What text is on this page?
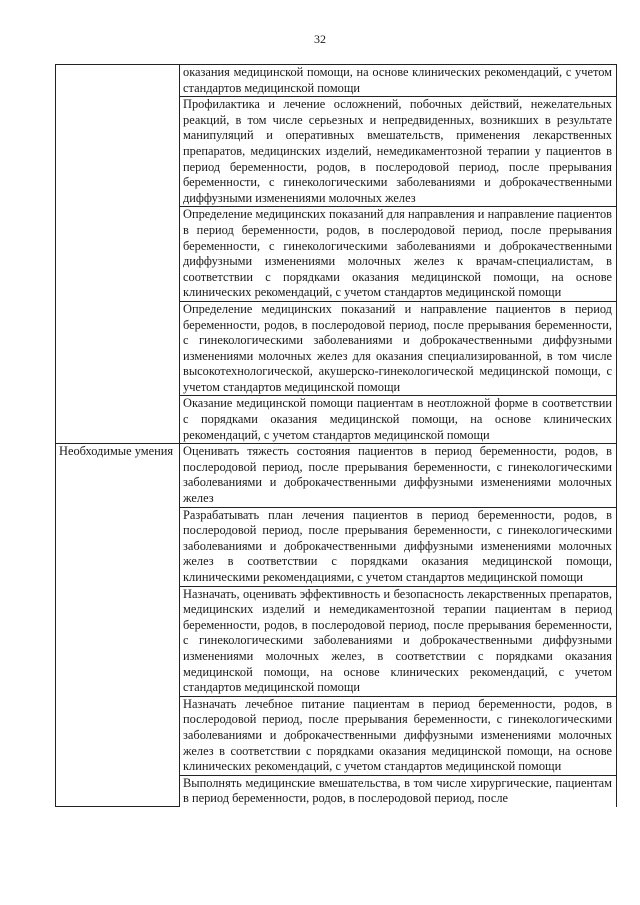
32

	оказания медицинской помощи, на основе клинических рекомендаций, с учетом стандартов медицинской помощи

	Профилактика и лечение осложнений, побочных действий, нежелательных реакций, в том числе серьезных и непредвиденных, возникших в результате манипуляций и оперативных вмешательств, применения лекарственных препаратов, медицинских изделий, немедикаментозной терапии у пациентов в период беременности, родов, в послеродовой период, после прерывания беременности, с гинекологическими заболеваниями и доброкачественными диффузными изменениями молочных желез

	Определение медицинских показаний для направления и направление пациентов в период беременности, родов, в послеродовой период, после прерывания беременности, с гинекологическими заболеваниями и доброкачественными диффузными изменениями молочных желез к врачам-специалистам, в соответствии с порядками оказания медицинской помощи, на основе клинических рекомендаций, с учетом стандартов медицинской помощи

	Определение медицинских показаний и направление пациентов в период беременности, родов, в послеродовой период, после прерывания беременности, с гинекологическими заболеваниями и доброкачественными диффузными изменениями молочных желез для оказания специализированной, в том числе высокотехнологической, акушерско-гинекологической медицинской помощи, с учетом стандартов медицинской помощи

	Оказание медицинской помощи пациентам в неотложной форме в соответствии с порядками оказания медицинской помощи, на основе клинических рекомендаций, с учетом стандартов медицинской помощи

Необходимые умения	Оценивать тяжесть состояния пациентов в период беременности, родов, в послеродовой период, после прерывания беременности, с гинекологическими заболеваниями и доброкачественными диффузными изменениями молочных желез

	Разрабатывать план лечения пациентов в период беременности, родов, в послеродовой период, после прерывания беременности, с гинекологическими заболеваниями и доброкачественными диффузными изменениями молочных желез в соответствии с порядками оказания медицинской помощи, клиническими рекомендациями, с учетом стандартов медицинской помощи

	Назначать, оценивать эффективность и безопасность лекарственных препаратов, медицинских изделий и немедикаментозной терапии пациентам в период беременности, родов, в послеродовой период, после прерывания беременности, с гинекологическими заболеваниями и доброкачественными диффузными изменениями молочных желез, в соответствии с порядками оказания медицинской помощи, на основе клинических рекомендаций, с учетом стандартов медицинской помощи

	Назначать лечебное питание пациентам в период беременности, родов, в послеродовой период, после прерывания беременности, с гинекологическими заболеваниями и доброкачественными диффузными изменениями молочных желез в соответствии с порядками оказания медицинской помощи, на основе клинических рекомендаций, с учетом стандартов медицинской помощи

	Выполнять медицинские вмешательства, в том числе хирургические, пациентам в период беременности, родов, в послеродовой период, после
